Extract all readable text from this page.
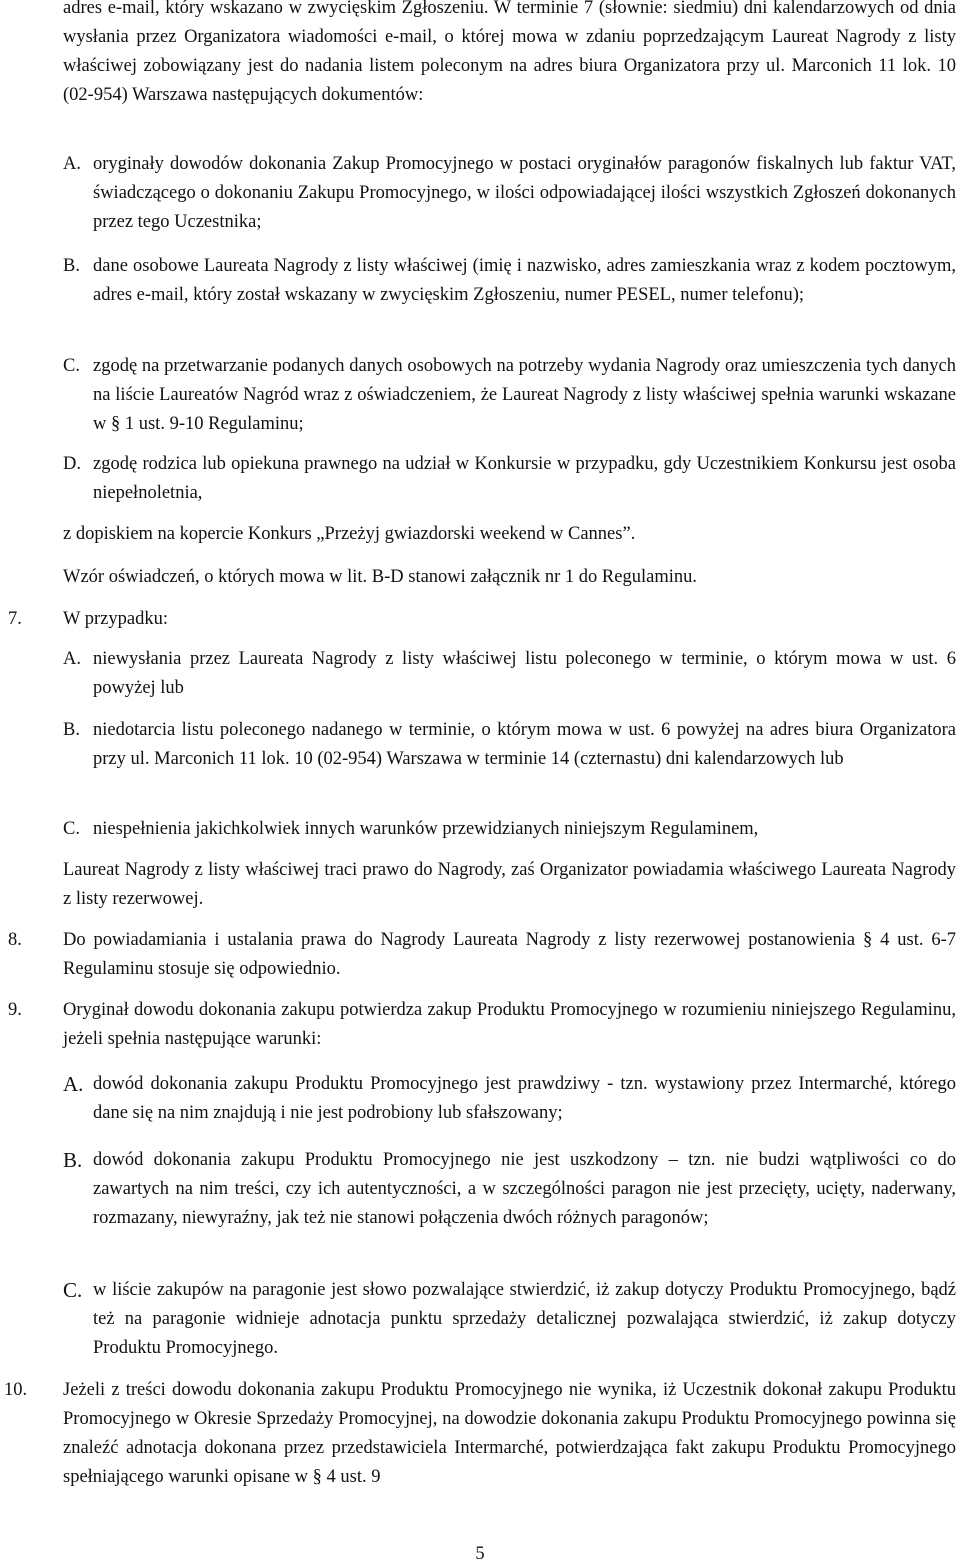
adres e-mail, który wskazano w zwycięskim Zgłoszeniu. W terminie 7 (słownie: siedmiu) dni kalendarzowych od dnia wysłania przez Organizatora wiadomości e-mail, o której mowa w zdaniu poprzedzającym Laureat Nagrody z listy właściwej zobowiązany jest do nadania listem poleconym na adres biura Organizatora przy ul. Marconich 11 lok. 10 (02-954) Warszawa następujących dokumentów:

A. oryginały dowodów dokonania Zakup Promocyjnego w postaci oryginałów paragonów fiskalnych lub faktur VAT, świadczącego o dokonaniu Zakupu Promocyjnego, w ilości odpowiadającej ilości wszystkich Zgłoszeń dokonanych przez tego Uczestnika;
B. dane osobowe Laureata Nagrody z listy właściwej (imię i nazwisko, adres zamieszkania wraz z kodem pocztowym, adres e-mail, który został wskazany w zwycięskim Zgłoszeniu, numer PESEL, numer telefonu);
C. zgodę na przetwarzanie podanych danych osobowych na potrzeby wydania Nagrody oraz umieszczenia tych danych na liście Laureatów Nagród wraz z oświadczeniem, że Laureat Nagrody z listy właściwej spełnia warunki wskazane w § 1 ust. 9-10 Regulaminu;
D. zgodę rodzica lub opiekuna prawnego na udział w Konkursie w przypadku, gdy Uczestnikiem Konkursu jest osoba niepełnoletnia,

z dopiskiem na kopercie Konkurs „Przeżyj gwiazdorski weekend w Cannes”.

Wzór oświadczeń, o których mowa w lit. B-D stanowi załącznik nr 1 do Regulaminu.

7. W przypadku:

A. niewysłania przez Laureata Nagrody z listy właściwej listu poleconego w terminie, o którym mowa w ust. 6 powyżej lub
B. niedotarcia listu poleconego nadanego w terminie, o którym mowa w ust. 6 powyżej na adres biura Organizatora przy ul. Marconich 11 lok. 10 (02-954) Warszawa w terminie 14 (czternastu) dni kalendarzowych lub
C. niespełnienia jakichkolwiek innych warunków przewidzianych niniejszym Regulaminem,

Laureat Nagrody z listy właściwej traci prawo do Nagrody, zaś Organizator powiadamia właściwego Laureata Nagrody z listy rezerwowej.

8. Do powiadamiania i ustalania prawa do Nagrody Laureata Nagrody z listy rezerwowej postanowienia § 4 ust. 6-7 Regulaminu stosuje się odpowiednio.

9. Oryginał dowodu dokonania zakupu potwierdza zakup Produktu Promocyjnego w rozumieniu niniejszego Regulaminu, jeżeli spełnia następujące warunki:

A. dowód dokonania zakupu Produktu Promocyjnego jest prawdziwy - tzn. wystawiony przez Intermarché, którego dane się na nim znajdują i nie jest podrobiony lub sfałszowany;
B. dowód dokonania zakupu Produktu Promocyjnego nie jest uszkodzony – tzn. nie budzi wątpliwości co do zawartych na nim treści, czy ich autentyczności, a w szczególności paragon nie jest przecięty, ucięty, naderwany, rozmazany, niewyraźny, jak też nie stanowi połączenia dwóch różnych paragonów;
C. w liście zakupów na paragonie jest słowo pozwalające stwierdzić, iż zakup dotyczy Produktu Promocyjnego, bądź też na paragonie widnieje adnotacja punktu sprzedaży detalicznej pozwalająca stwierdzić, iż zakup dotyczy Produktu Promocyjnego.
10. Jeżeli z treści dowodu dokonania zakupu Produktu Promocyjnego nie wynika, iż Uczestnik dokonał zakupu Produktu Promocyjnego w Okresie Sprzedaży Promocyjnej, na dowodzie dokonania zakupu Produktu Promocyjnego powinna się znaleźć adnotacja dokonana przez przedstawiciela Intermarché, potwierdzająca fakt zakupu Produktu Promocyjnego spełniającego warunki opisane w § 4 ust. 9

5
